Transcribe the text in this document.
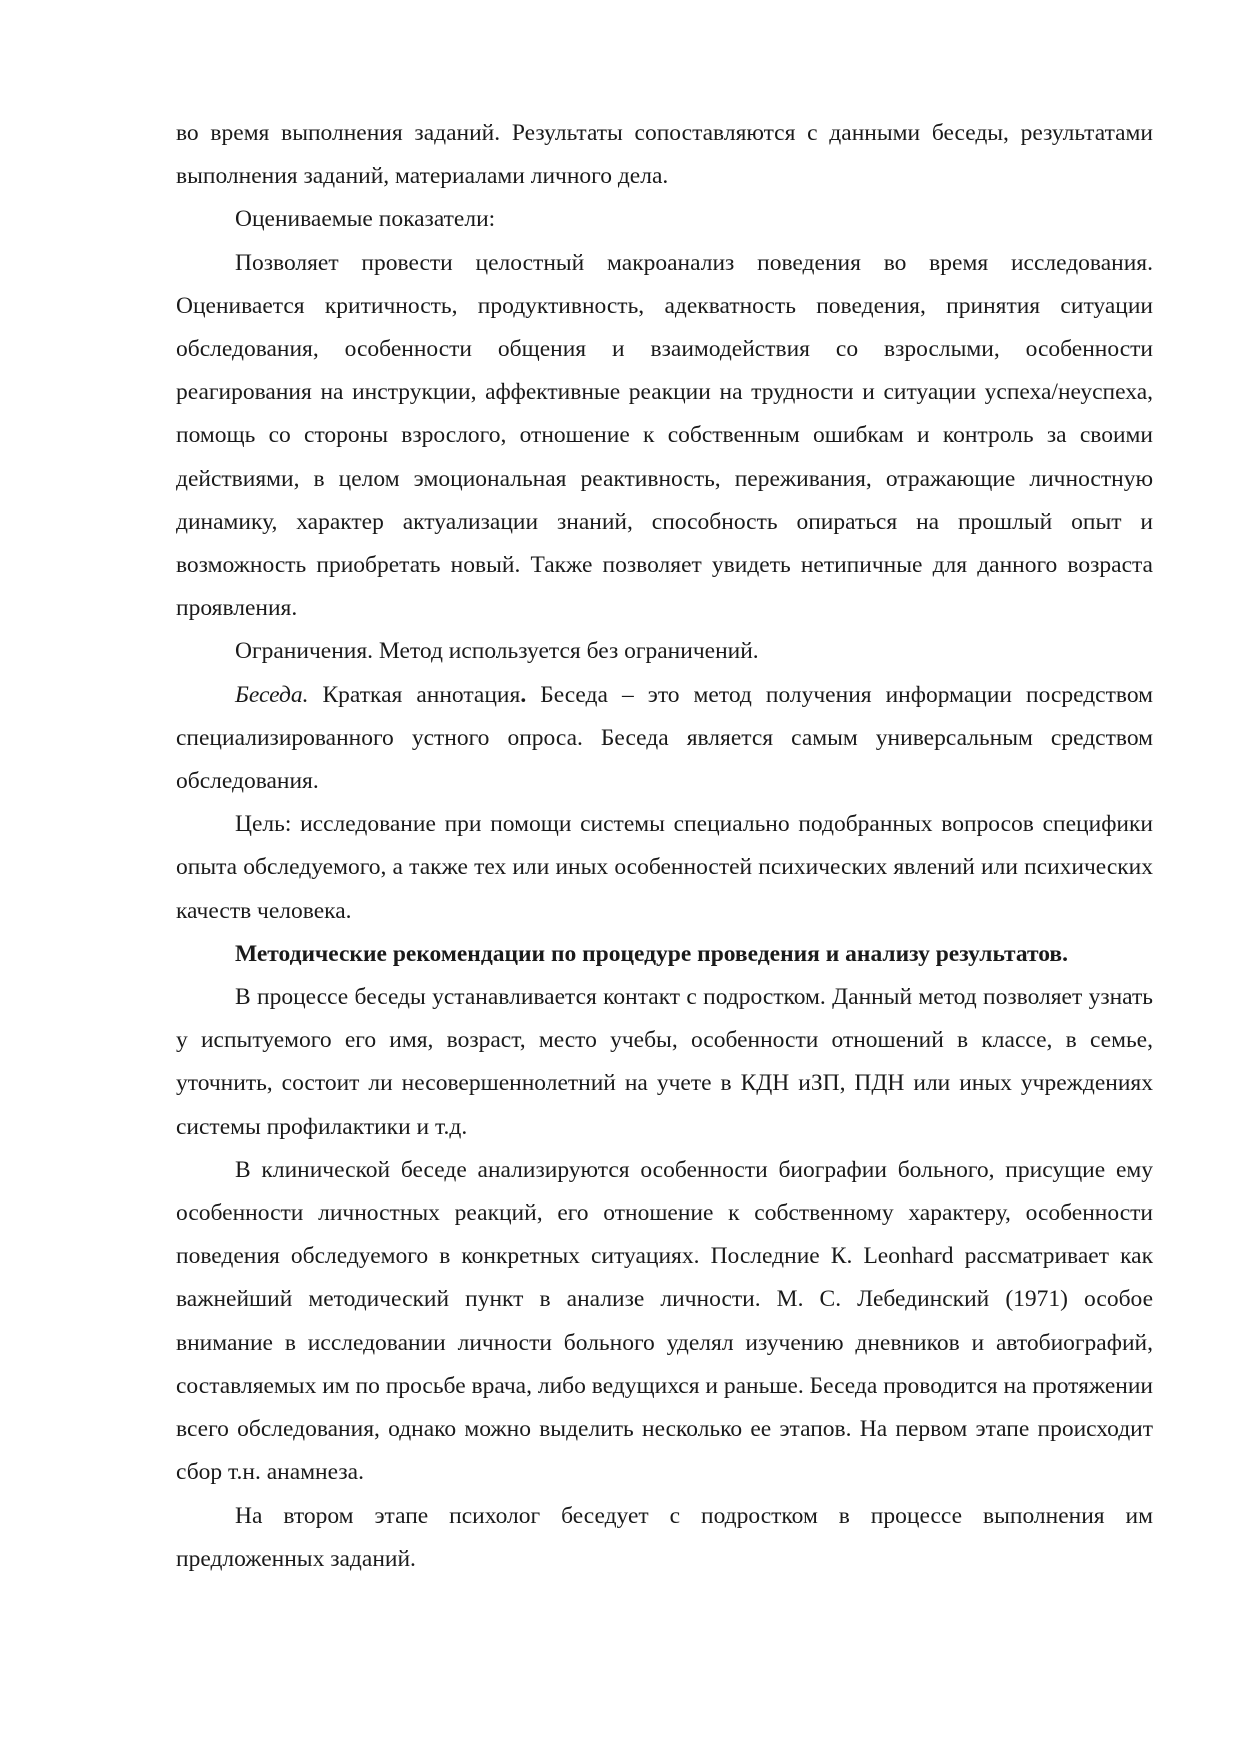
во время выполнения заданий. Результаты сопоставляются с данными беседы, результатами выполнения заданий, материалами личного дела.

Оцениваемые показатели:

Позволяет провести целостный макроанализ поведения во время исследования. Оценивается критичность, продуктивность, адекватность поведения, принятия ситуации обследования, особенности общения и взаимодействия со взрослыми, особенности реагирования на инструкции, аффективные реакции на трудности и ситуации успеха/неуспеха, помощь со стороны взрослого, отношение к собственным ошибкам и контроль за своими действиями, в целом эмоциональная реактивность, переживания, отражающие личностную динамику, характер актуализации знаний, способность опираться на прошлый опыт и возможность приобретать новый. Также позволяет увидеть нетипичные для данного возраста проявления.

Ограничения. Метод используется без ограничений.

Беседа. Краткая аннотация. Беседа – это метод получения информации посредством специализированного устного опроса. Беседа является самым универсальным средством обследования.

Цель: исследование при помощи системы специально подобранных вопросов специфики опыта обследуемого, а также тех или иных особенностей психических явлений или психических качеств человека.

Методические рекомендации по процедуре проведения и анализу результатов.

В процессе беседы устанавливается контакт с подростком. Данный метод позволяет узнать у испытуемого его имя, возраст, место учебы, особенности отношений в классе, в семье, уточнить, состоит ли несовершеннолетний на учете в КДН иЗП, ПДН или иных учреждениях системы профилактики и т.д.

В клинической беседе анализируются особенности биографии больного, присущие ему особенности личностных реакций, его отношение к собственному характеру, особенности поведения обследуемого в конкретных ситуациях. Последние К. Leonhard рассматривает как важнейший методический пункт в анализе личности. М. С. Лебединский (1971) особое внимание в исследовании личности больного уделял изучению дневников и автобиографий, составляемых им по просьбе врача, либо ведущихся и раньше. Беседа проводится на протяжении всего обследования, однако можно выделить несколько ее этапов. На первом этапе происходит сбор т.н. анамнеза.

На втором этапе психолог беседует с подростком в процессе выполнения им предложенных заданий.
